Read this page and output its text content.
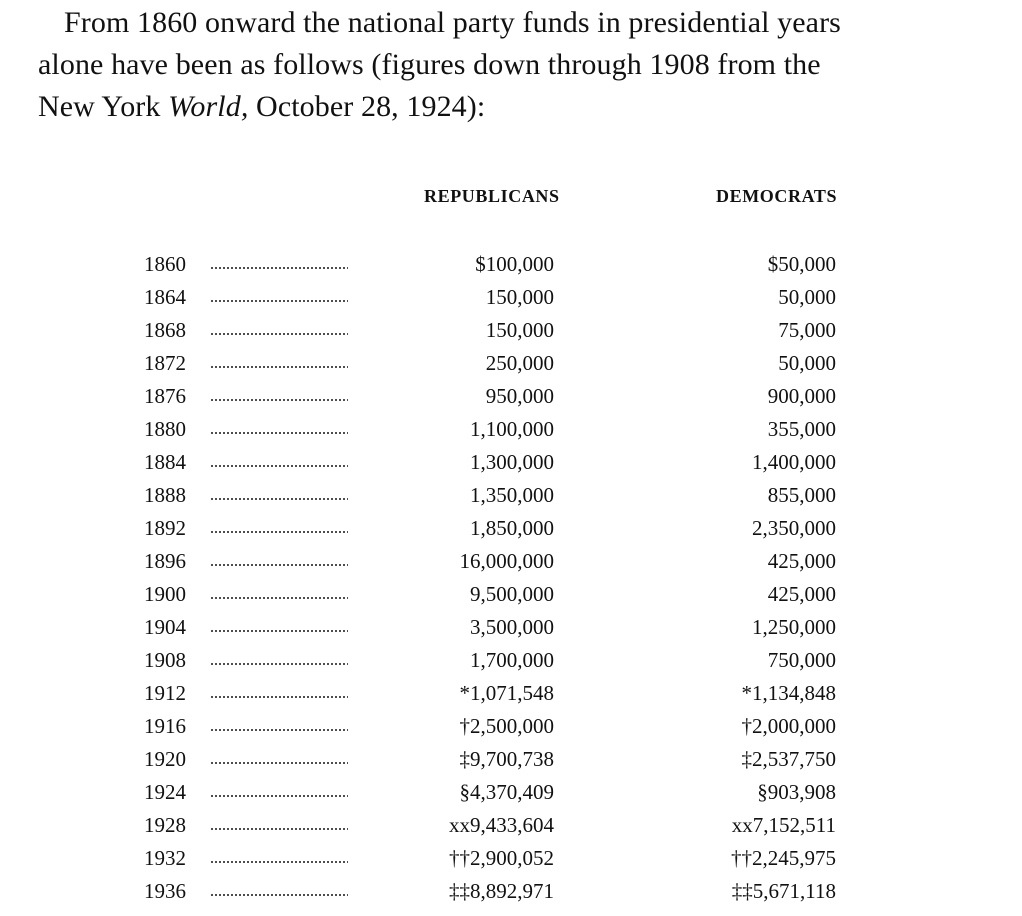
From 1860 onward the national party funds in presidential years
alone have been as follows (figures down through 1908 from the
New York World, October 28, 1924):
REPUBLICANS	DEMOCRATS
1860	$100,000	$50,000
1864	150,000	50,000
1868	150,000	75,000
1872	250,000	50,000
1876	950,000	900,000
1880	1,100,000	355,000
1884	1,300,000	1,400,000
1888	1,350,000	855,000
1892	1,850,000	2,350,000
1896	16,000,000	425,000
1900	9,500,000	425,000
1904	3,500,000	1,250,000
1908	1,700,000	750,000
1912	*1,071,548	*1,134,848
1916	†2,500,000	†2,000,000
1920	‡9,700,738	‡2,537,750
1924	§4,370,409	§903,908
1928	xx9,433,604	xx7,152,511
1932	††2,900,052	††2,245,975
1936	‡‡8,892,971	‡‡5,671,118
